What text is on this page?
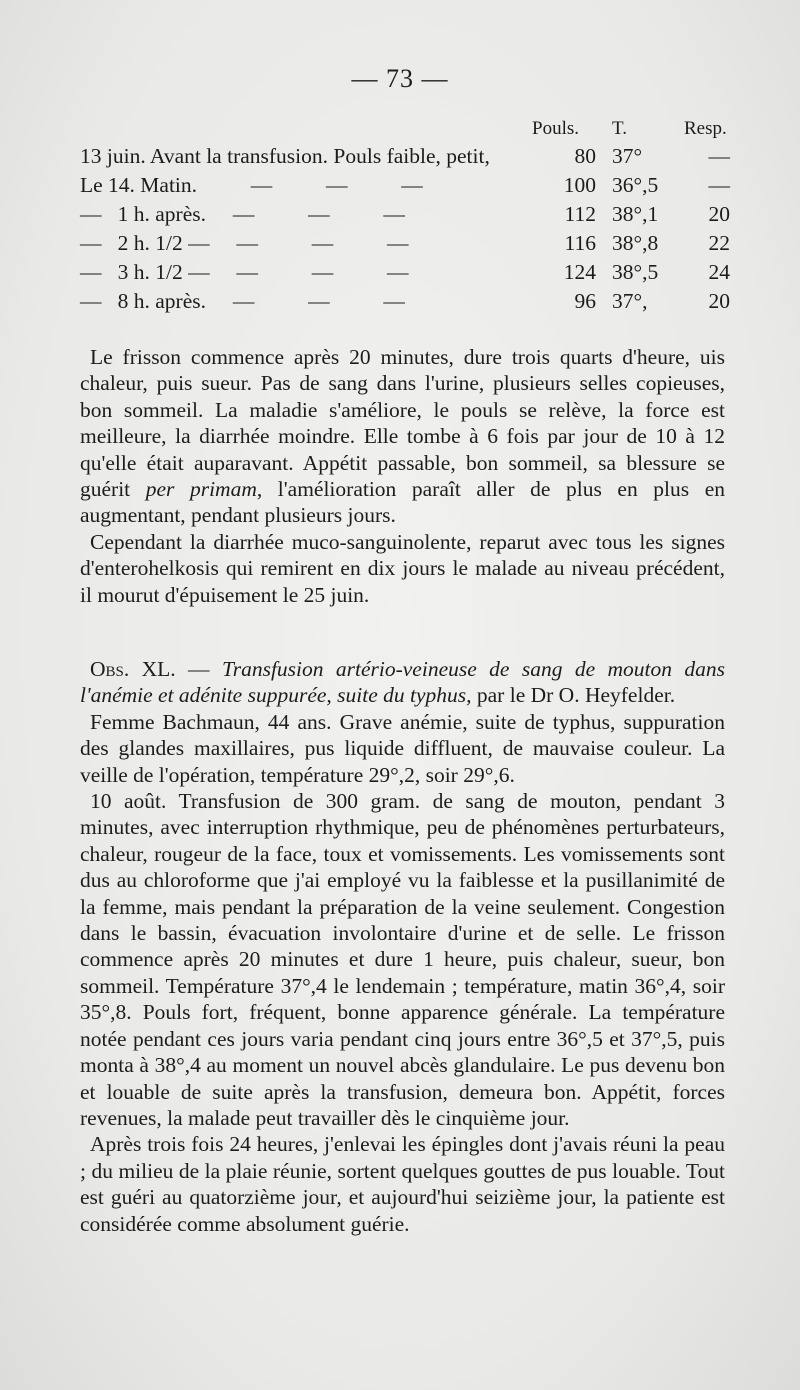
— 73 —
	Pouls.	T.	Resp.
13 juin. Avant la transfusion. Pouls faible, petit,	80	37°	—
Le 14. Matin.          —          —          —	100	36°,5	—
—   1 h. après.     —          —          —	112	38°,1	20
—   2 h. 1/2 —     —          —          —	116	38°,8	22
—   3 h. 1/2 —     —          —          —	124	38°,5	24
—   8 h. après.     —          —          —	96	37°,	20

Le frisson commence après 20 minutes, dure trois quarts d'heure, uis chaleur, puis sueur. Pas de sang dans l'urine, plusieurs selles copieuses, bon sommeil. La maladie s'améliore, le pouls se relève, la force est meilleure, la diarrhée moindre. Elle tombe à 6 fois par jour de 10 à 12 qu'elle était auparavant. Appétit passable, bon sommeil, sa blessure se guérit per primam, l'amélioration paraît aller de plus en plus en augmentant, pendant plusieurs jours.

Cependant la diarrhée muco-sanguinolente, reparut avec tous les signes d'enterohelkosis qui remirent en dix jours le malade au niveau précédent, il mourut d'épuisement le 25 juin.

Obs. XL. — Transfusion artério-veineuse de sang de mouton dans l'anémie et adénite suppurée, suite du typhus, par le Dr O. Heyfelder.

Femme Bachmaun, 44 ans. Grave anémie, suite de typhus, suppuration des glandes maxillaires, pus liquide diffluent, de mauvaise couleur. La veille de l'opération, température 29°,2, soir 29°,6.

10 août. Transfusion de 300 gram. de sang de mouton, pendant 3 minutes, avec interruption rhythmique, peu de phénomènes perturbateurs, chaleur, rougeur de la face, toux et vomissements. Les vomissements sont dus au chloroforme que j'ai employé vu la faiblesse et la pusillanimité de la femme, mais pendant la préparation de la veine seulement. Congestion dans le bassin, évacuation involontaire d'urine et de selle. Le frisson commence après 20 minutes et dure 1 heure, puis chaleur, sueur, bon sommeil. Température 37°,4 le lendemain ; température, matin 36°,4, soir 35°,8. Pouls fort, fréquent, bonne apparence générale. La température notée pendant ces jours varia pendant cinq jours entre 36°,5 et 37°,5, puis monta à 38°,4 au moment un nouvel abcès glandulaire. Le pus devenu bon et louable de suite après la transfusion, demeura bon. Appétit, forces revenues, la malade peut travailler dès le cinquième jour.

Après trois fois 24 heures, j'enlevai les épingles dont j'avais réuni la peau ; du milieu de la plaie réunie, sortent quelques gouttes de pus louable. Tout est guéri au quatorzième jour, et aujourd'hui seizième jour, la patiente est considérée comme absolument guérie.
